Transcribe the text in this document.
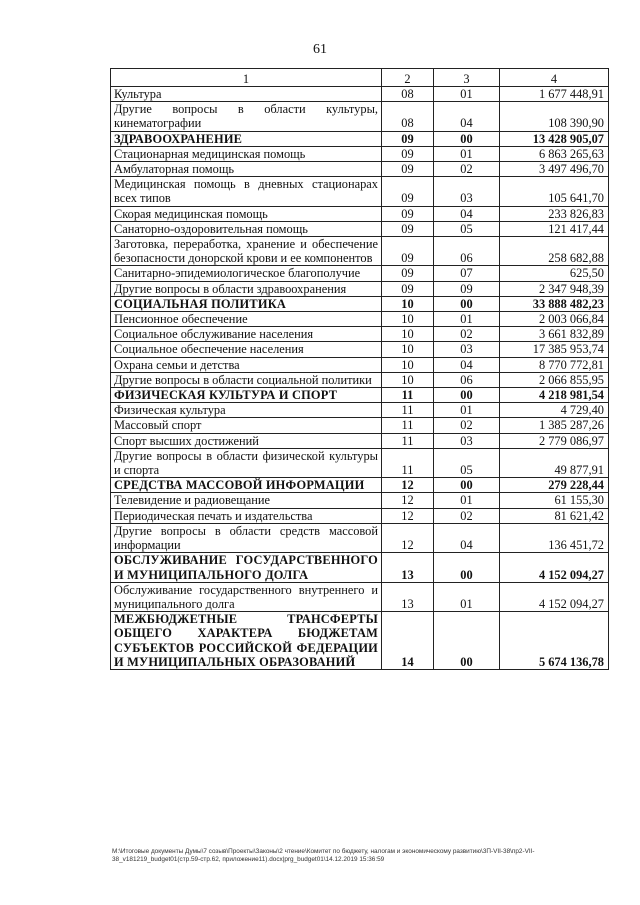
61
1	2	3	4
Культура	08	01	1 677 448,91
Другие вопросы в области культуры, кинематографии	08	04	108 390,90
ЗДРАВООХРАНЕНИЕ	09	00	13 428 905,07
Стационарная медицинская помощь	09	01	6 863 265,63
Амбулаторная помощь	09	02	3 497 496,70
Медицинская помощь в дневных стационарах всех типов	09	03	105 641,70
Скорая медицинская помощь	09	04	233 826,83
Санаторно-оздоровительная помощь	09	05	121 417,44
Заготовка, переработка, хранение и обеспечение безопасности донорской крови и ее компонентов	09	06	258 682,88
Санитарно-эпидемиологическое благополучие	09	07	625,50
Другие вопросы в области здравоохранения	09	09	2 347 948,39
СОЦИАЛЬНАЯ ПОЛИТИКА	10	00	33 888 482,23
Пенсионное обеспечение	10	01	2 003 066,84
Социальное обслуживание населения	10	02	3 661 832,89
Социальное обеспечение населения	10	03	17 385 953,74
Охрана семьи и детства	10	04	8 770 772,81
Другие вопросы в области социальной политики	10	06	2 066 855,95
ФИЗИЧЕСКАЯ КУЛЬТУРА И СПОРТ	11	00	4 218 981,54
Физическая культура	11	01	4 729,40
Массовый спорт	11	02	1 385 287,26
Спорт высших достижений	11	03	2 779 086,97
Другие вопросы в области физической культуры и спорта	11	05	49 877,91
СРЕДСТВА МАССОВОЙ ИНФОРМАЦИИ	12	00	279 228,44
Телевидение и радиовещание	12	01	61 155,30
Периодическая печать и издательства	12	02	81 621,42
Другие вопросы в области средств массовой информации	12	04	136 451,72
ОБСЛУЖИВАНИЕ ГОСУДАРСТВЕННОГО И МУНИЦИПАЛЬНОГО ДОЛГА	13	00	4 152 094,27
Обслуживание государственного внутреннего и муниципального долга	13	01	4 152 094,27
МЕЖБЮДЖЕТНЫЕ ТРАНСФЕРТЫ ОБЩЕГО ХАРАКТЕРА БЮДЖЕТАМ СУБЪЕКТОВ РОССИЙСКОЙ ФЕДЕРАЦИИ И МУНИЦИПАЛЬНЫХ ОБРАЗОВАНИЙ	14	00	5 674 136,78
M:\Итоговые документы Думы\7 созыв\Проекты\Законы\2 чтение\Комитет по бюджету, налогам и экономическому развитию\3П-VII-38\пр2-VII-38_v181219_budget01(стр.59-стр.62, приложение11).docx|prg_budget01\14.12.2019 15:36:59
